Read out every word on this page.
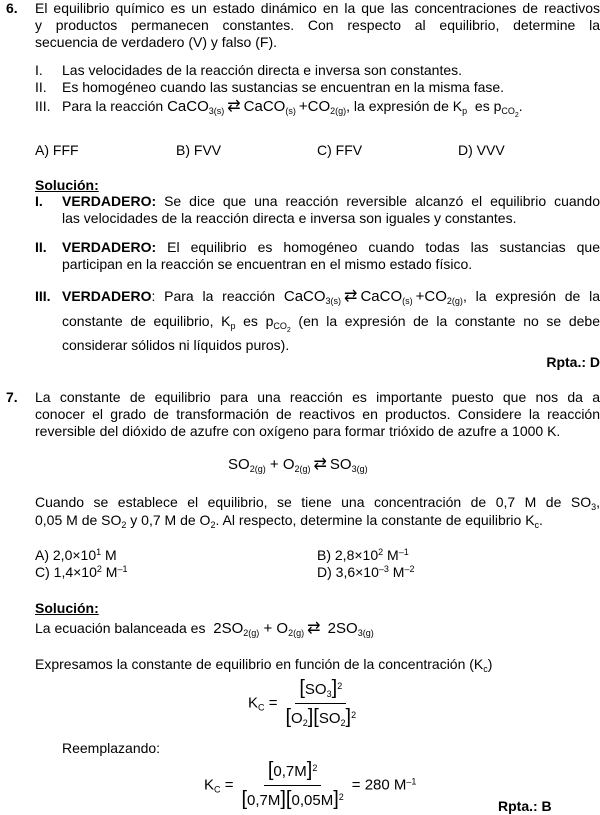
6. El equilibrio químico es un estado dinámico en la que las concentraciones de reactivos
y productos permanecen constantes. Con respecto al equilibrio, determine la
secuencia de verdadero (V) y falso (F).
I. Las velocidades de la reacción directa e inversa son constantes.
II. Es homogéneo cuando las sustancias se encuentran en la misma fase.
III. Para la reacción CaCO$_{3(s)}$ ⇄ CaCO$_{(s)}$  $+CO_{2(g)}$, la expresión de $K_p$ es $p_{CO_2}$.
A) FFF	B) FVV	C) FFV	D) VVV
Solución:
I. VERDADERO: Se dice que una reacción reversible alcanzó el equilibrio cuando
las velocidades de la reacción directa e inversa son iguales y constantes.
II. VERDADERO: El equilibrio es homogéneo cuando todas las sustancias que
participan en la reacción se encuentran en el mismo estado físico.
III. VERDADERO: Para la reacción CaCO$_{3(s)}$ ⇄ CaCO$_{(s)}$  $+CO_{2(g)}$, la expresión de la
constante de equilibrio, $K_p$ es $p_{CO_2}$ (en la expresión de la constante no se debe
considerar sólidos ni líquidos puros).
Rpta.: D
7. La constante de equilibrio para una reacción es importante puesto que nos da a
conocer el grado de transformación de reactivos en productos. Considere la reacción
reversible del dióxido de azufre con oxígeno para formar trióxido de azufre a 1000 K.
$SO_{2(g)} + O_{2(g)}$ ⇄ $SO_{3(g)}$
Cuando se establece el equilibrio, se tiene una concentración de 0,7 M de $SO_3$,
0,05 M de $SO_2$ y 0,7 M de $O_2$. Al respecto, determine la constante de equilibrio $K_c$.
A) $2,0\times 10^1$ M	B) $2,8\times 10^2$ $M^{-1}$
C) $1,4\times 10^2$ $M^{-1}$	D) $3,6\times 10^{-3}$ $M^{-2}$
Solución:
La ecuación balanceada es $2SO_{2(g)} + O_{2(g)}$ ⇄ $2SO_{3(g)}$
Expresamos la constante de equilibrio en función de la concentración $(K_c)$
$K_C = \frac{[SO_3]^2}{[O_2][SO_2]^2}$
Reemplazando:
$K_C = \frac{[0,7M]^2}{[0,7M][0,05M]^2} = 280$ $M^{-1}$
Rpta.: B
